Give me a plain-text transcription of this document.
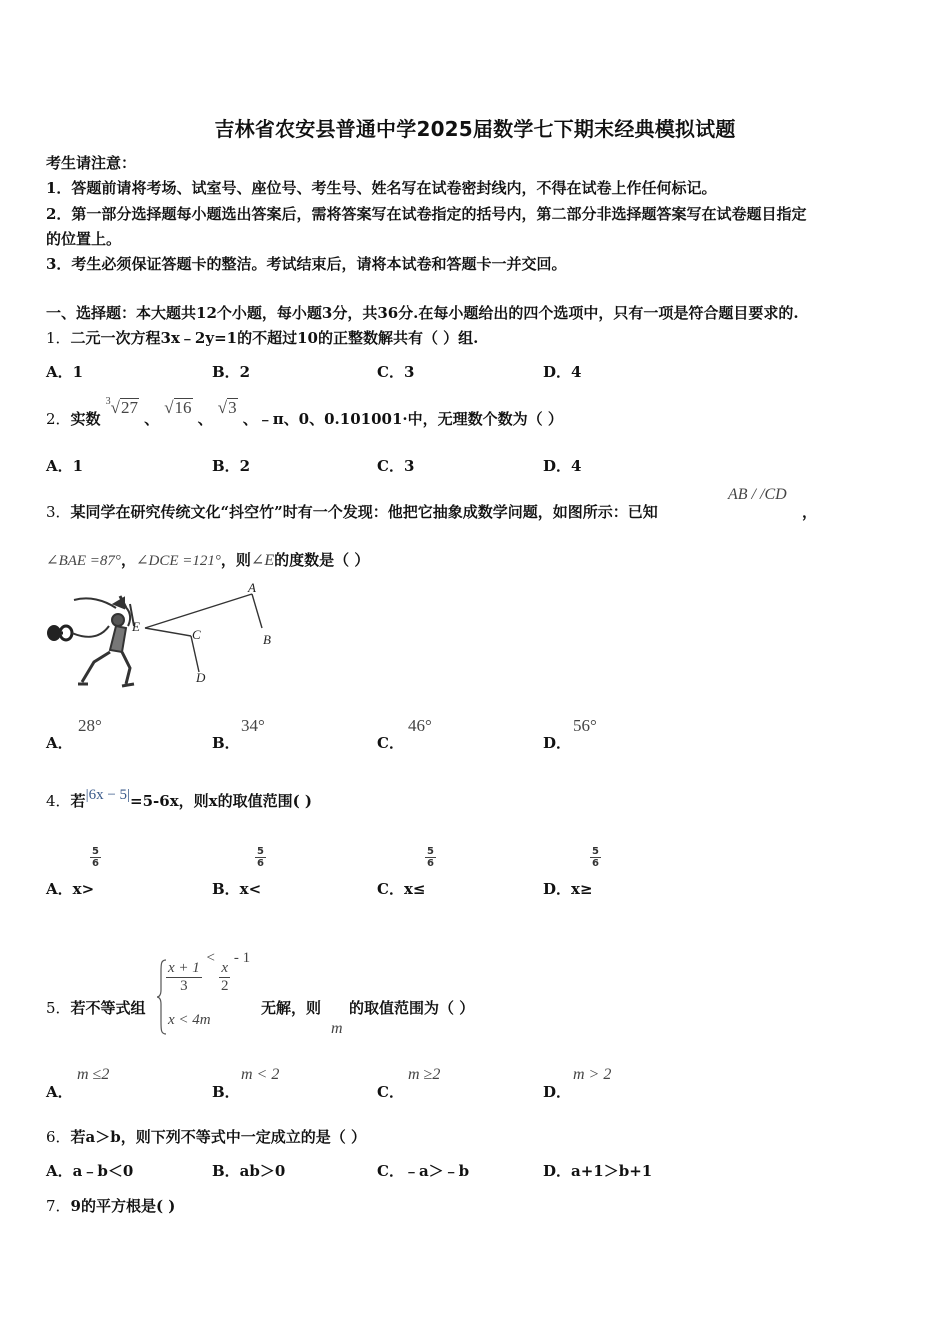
吉林省农安县普通中学2025届数学七下期末经典模拟试题
考生请注意：
1．答题前请将考场、试室号、座位号、考生号、姓名写在试卷密封线内，不得在试卷上作任何标记。
2．第一部分选择题每小题选出答案后，需将答案写在试卷指定的括号内，第二部分非选择题答案写在试卷题目指定
的位置上。
3．考生必须保证答题卡的整洁。考试结束后，请将本试卷和答题卡一并交回。
一、选择题：本大题共12个小题，每小题3分，共36分.在每小题给出的四个选项中，只有一项是符合题目要求的.
1．二元一次方程3x﹣2y=1的不超过10的正整数解共有（ ）组.
A．1	B．2	C．3	D．4
2．实数 $^3$√27 、 √16 、 √3 、﹣π、0、0.101001·中，无理数个数为（ ）
A．1	B．2	C．3	D．4
3．某同学在研究传统文化“抖空竹”时有一个发现：他把它抽象成数学问题，如图所示：已知
AB / /CD
，
∠BAE =87°，∠DCE =121°，则∠E的度数是（ ）
A
B
C
D
E
A．
28°
B．
34°
C．
46°
D．
56°
4．若|6x − 5|=5-6x，则x的取值范围( )
A．x>
$\frac{5}{6}$
B．x<
$\frac{5}{6}$
C．x≤
$\frac{5}{6}$
D．x≥
$\frac{5}{6}$
5．若不等式组
$\frac{x + 1}{3}$
<
$\frac{x}{2}$
- 1
x < 4m
无解，则
m
的取值范围为（ ）
A．
m ≤2
B．
m < 2
C．
m ≥2
D．
m > 2
6．若a＞b，则下列不等式中一定成立的是（ ）
A．a﹣b＜0	B．ab＞0	C．﹣a＞﹣b	D．a+1＞b+1
7．9的平方根是( )
